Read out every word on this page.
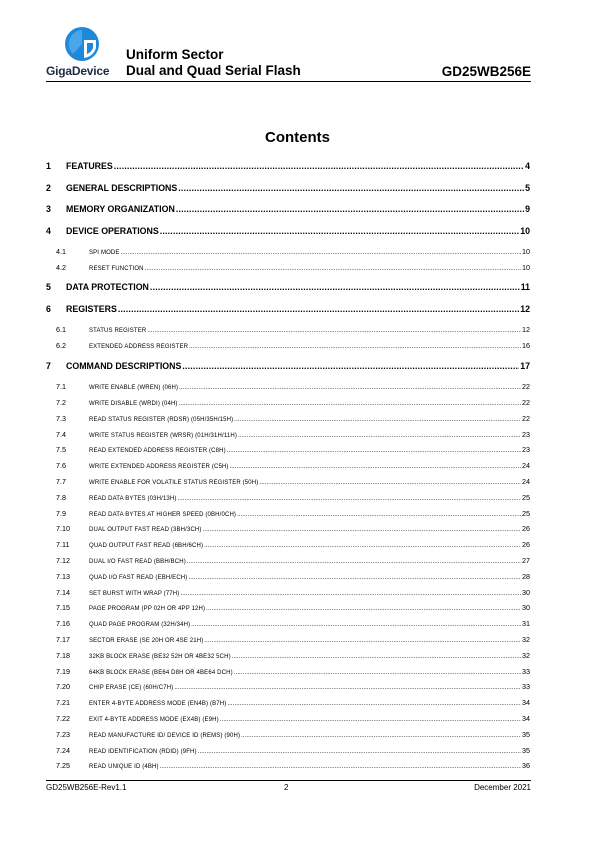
GigaDevice
Uniform Sector
Dual and Quad Serial Flash	GD25WB256E
Contents
1	FEATURES .....	4
2	GENERAL DESCRIPTIONS .....	5
3	MEMORY ORGANIZATION .....	9
4	DEVICE OPERATIONS .....	10
4.1	SPI MODE .....	10
4.2	RESET FUNCTION .....	10
5	DATA PROTECTION .....	11
6	REGISTERS .....	12
6.1	STATUS REGISTER .....	12
6.2	EXTENDED ADDRESS REGISTER .....	16
7	COMMAND DESCRIPTIONS .....	17
7.1	WRITE ENABLE (WREN) (06H) .....	22
7.2	WRITE DISABLE (WRDI) (04H) .....	22
7.3	READ STATUS REGISTER (RDSR) (05H/35H/15H) .....	22
7.4	WRITE STATUS REGISTER (WRSR) (01H/31H/11H) .....	23
7.5	READ EXTENDED ADDRESS REGISTER (C8H) .....	23
7.6	WRITE EXTENDED ADDRESS REGISTER (C5H) .....	24
7.7	WRITE ENABLE FOR VOLATILE STATUS REGISTER (50H) .....	24
7.8	READ DATA BYTES (03H/13H) .....	25
7.9	READ DATA BYTES AT HIGHER SPEED (0BH/0CH) .....	25
7.10	DUAL OUTPUT FAST READ (3BH/3CH) .....	26
7.11	QUAD OUTPUT FAST READ (6BH/6CH) .....	26
7.12	DUAL I/O FAST READ (BBH/BCH) .....	27
7.13	QUAD I/O FAST READ (EBH/ECH) .....	28
7.14	SET BURST WITH WRAP (77H) .....	30
7.15	PAGE PROGRAM (PP 02H OR 4PP 12H) .....	30
7.16	QUAD PAGE PROGRAM (32H/34H) .....	31
7.17	SECTOR ERASE (SE 20H OR 4SE 21H) .....	32
7.18	32KB BLOCK ERASE (BE32 52H OR 4BE32 5CH) .....	32
7.19	64KB BLOCK ERASE (BE64 D8H OR 4BE64 DCH) .....	33
7.20	CHIP ERASE (CE) (60H/C7H) .....	33
7.21	ENTER 4-BYTE ADDRESS MODE (EN4B) (B7H) .....	34
7.22	EXIT 4-BYTE ADDRESS MODE (EX4B) (E9H) .....	34
7.23	READ MANUFACTURE ID/ DEVICE ID (REMS) (90H) .....	35
7.24	READ IDENTIFICATION (RDID) (9FH) .....	35
7.25	READ UNIQUE ID (4BH) .....	36
GD25WB256E-Rev1.1	2	December 2021
